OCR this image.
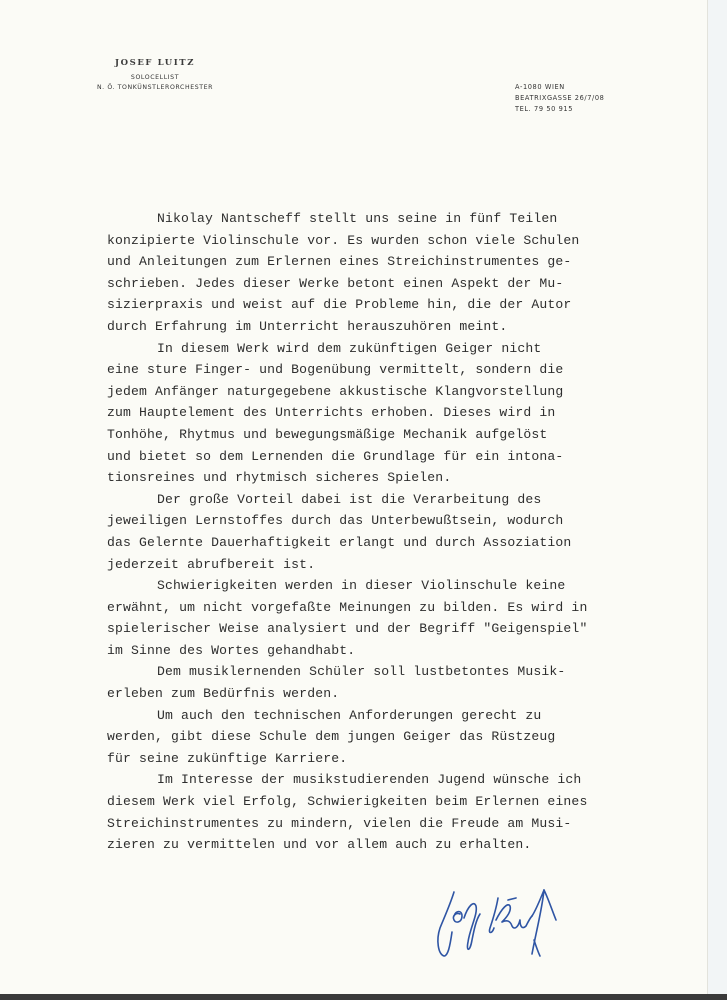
JOSEF LUITZ
SOLOCELLIST
N. Ö. TONKÜNSTLERORCHESTER	A-1080 WIEN
BEATRIXGASSE 26/7/08
TEL. 79 50 915
Nikolay Nantscheff stellt uns seine in fünf Teilen
konzipierte Violinschule vor. Es wurden schon viele Schulen
und Anleitungen zum Erlernen eines Streichinstrumentes ge-
schrieben. Jedes dieser Werke betont einen Aspekt der Mu-
sizierpraxis und weist auf die Probleme hin, die der Autor
durch Erfahrung im Unterricht herauszuhören meint.
In diesem Werk wird dem zukünftigen Geiger nicht
eine sture Finger- und Bogenübung vermittelt, sondern die
jedem Anfänger naturgegebene akkustische Klangvorstellung
zum Hauptelement des Unterrichts erhoben. Dieses wird in
Tonhöhe, Rhytmus und bewegungsmäßige Mechanik aufgelöst
und bietet so dem Lernenden die Grundlage für ein intona-
tionsreines und rhytmisch sicheres Spielen.
Der große Vorteil dabei ist die Verarbeitung des
jeweiligen Lernstoffes durch das Unterbewußtsein, wodurch
das Gelernte Dauerhaftigkeit erlangt und durch Assoziation
jederzeit abrufbereit ist.
Schwierigkeiten werden in dieser Violinschule keine
erwähnt, um nicht vorgefaßte Meinungen zu bilden. Es wird in
spielerischer Weise analysiert und der Begriff "Geigenspiel"
im Sinne des Wortes gehandhabt.
Dem musiklernenden Schüler soll lustbetontes Musik-
erleben zum Bedürfnis werden.
Um auch den technischen Anforderungen gerecht zu
werden, gibt diese Schule dem jungen Geiger das Rüstzeug
für seine zukünftige Karriere.
Im Interesse der musikstudierenden Jugend wünsche ich
diesem Werk viel Erfolg, Schwierigkeiten beim Erlernen eines
Streichinstrumentes zu mindern, vielen die Freude am Musi-
zieren zu vermittelen und vor allem auch zu erhalten.
